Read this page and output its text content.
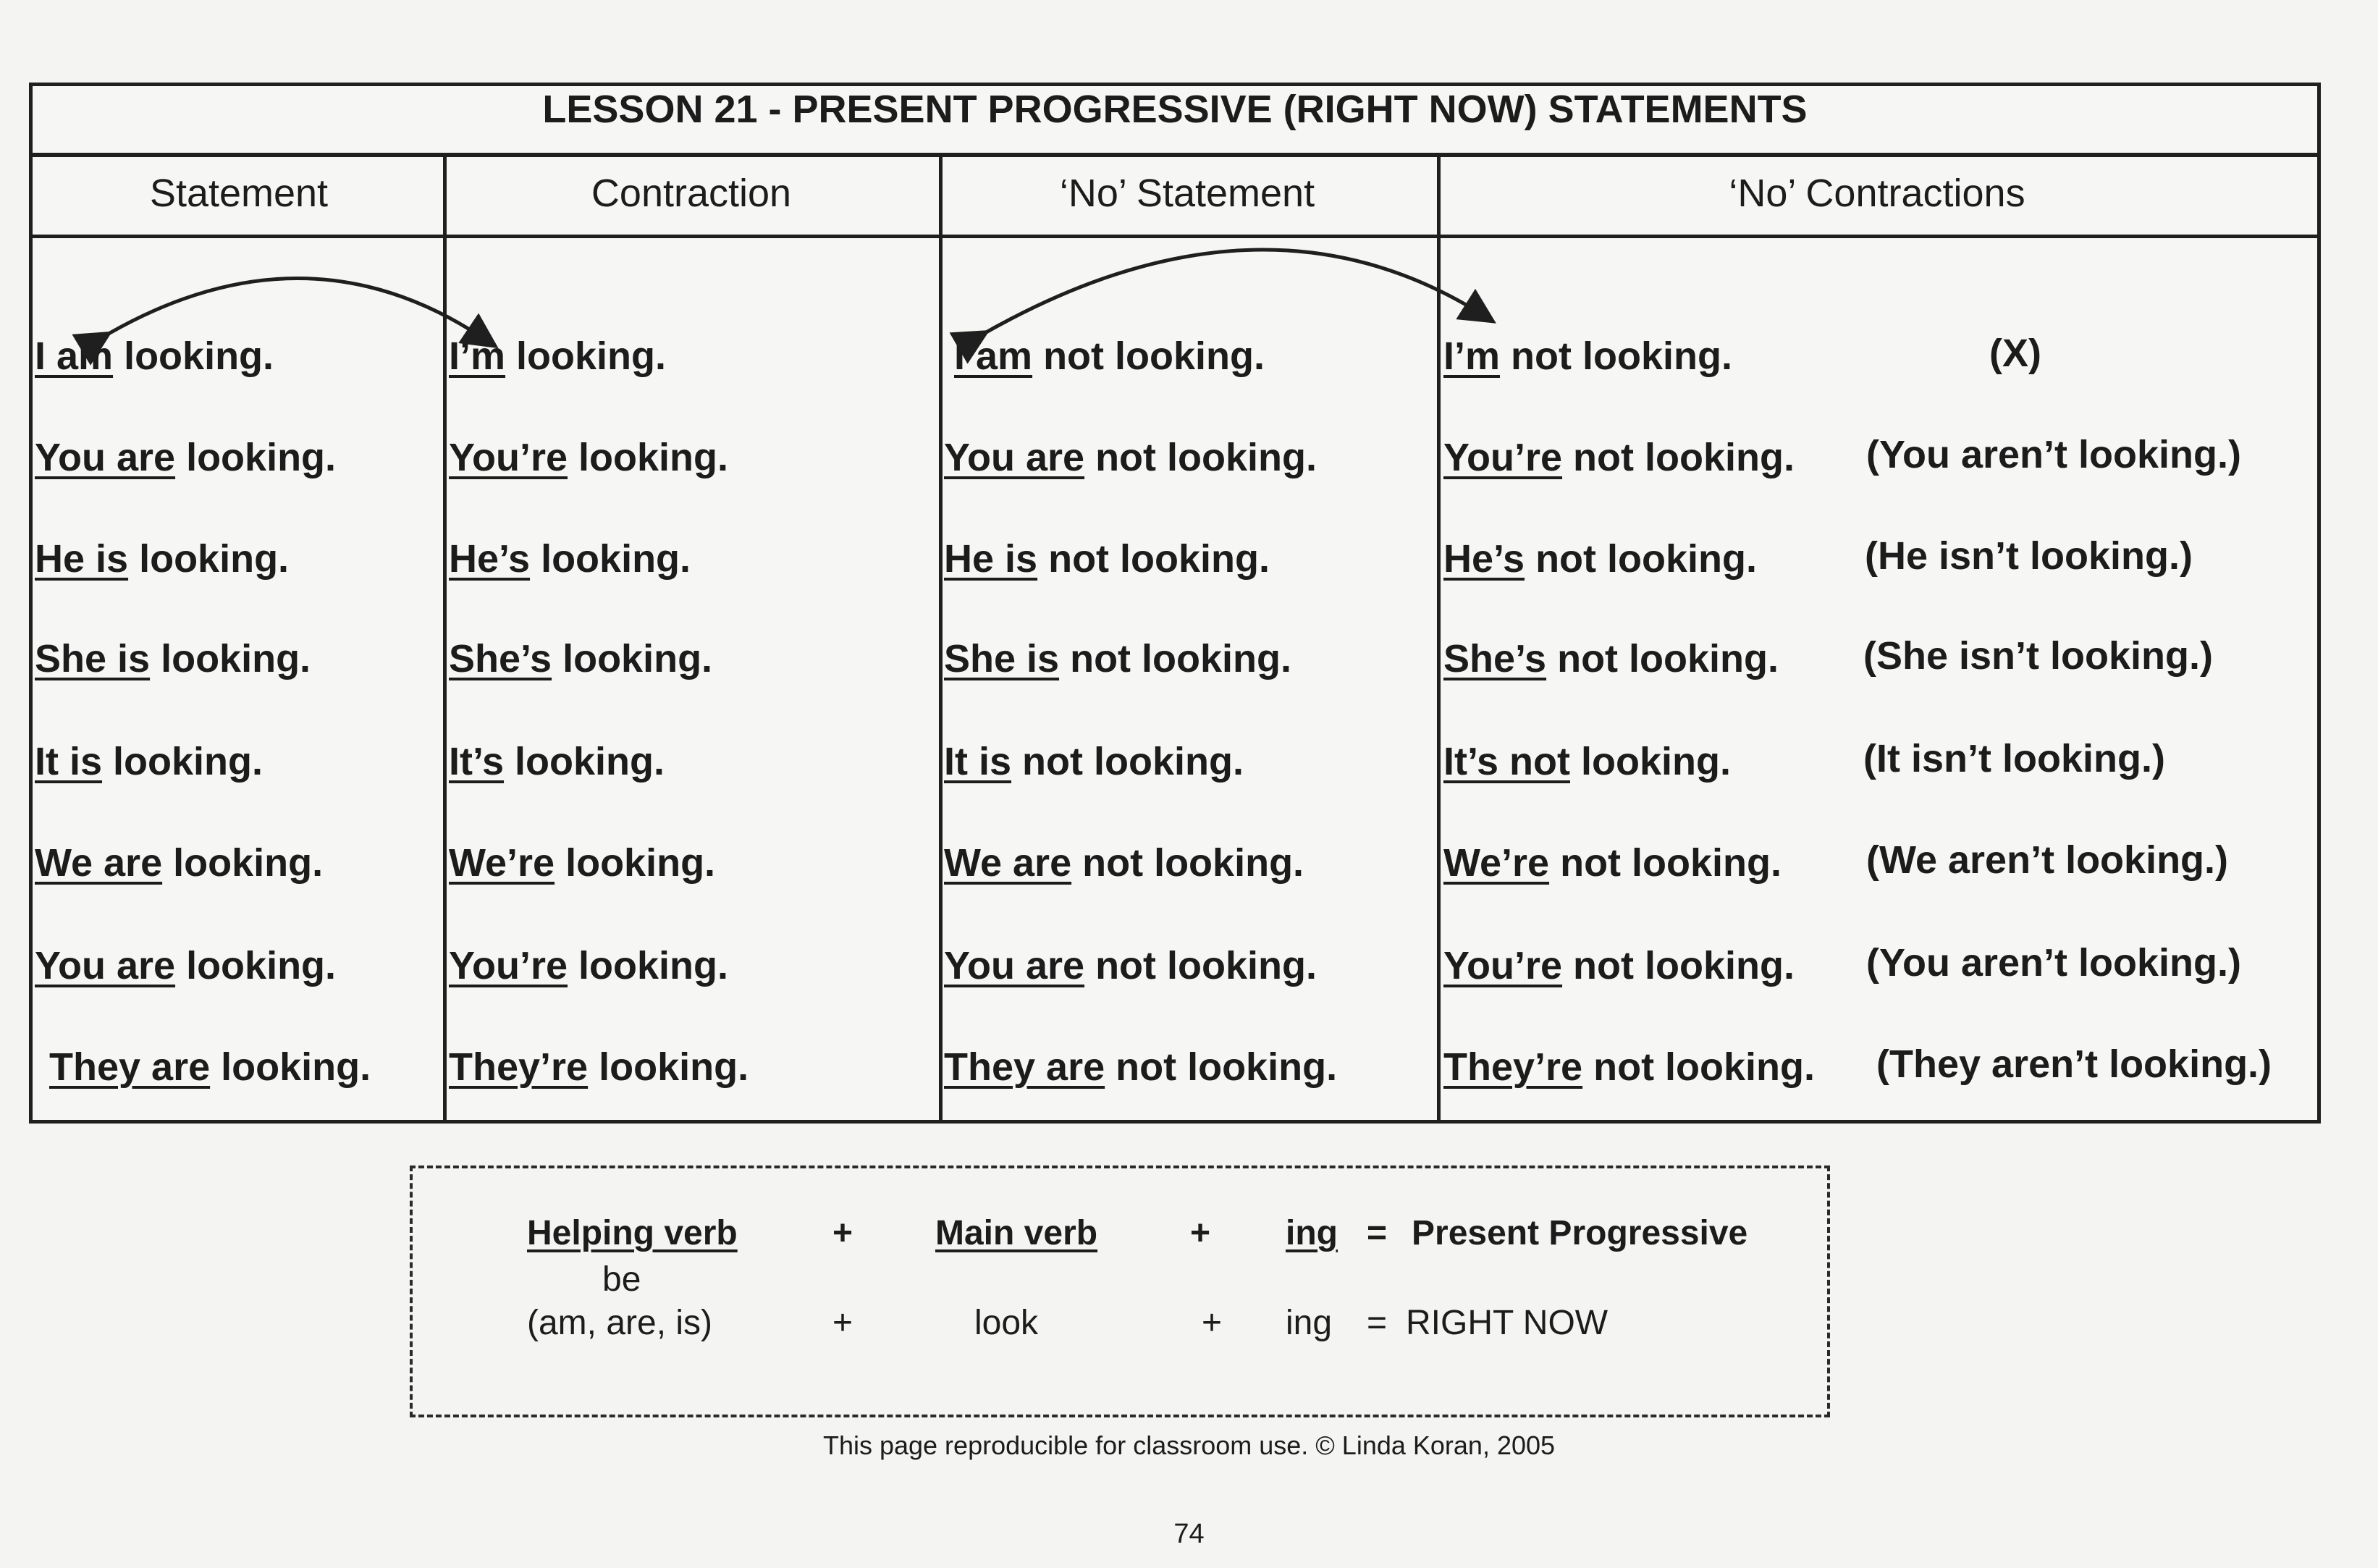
LESSON 21 - PRESENT PROGRESSIVE (RIGHT NOW) STATEMENTS
Statement	Contraction	‘No’ Statement	‘No’ Contractions
I am looking.	I’m looking.	I am not looking.	I’m not looking.	(X)
You are looking.	You’re looking.	You are not looking.	You’re not looking. (You aren’t looking.)
He is looking.	He’s looking.	He is not looking.	He’s not looking.	(He isn’t looking.)
She is looking.	She’s looking.	She is not looking.	She’s not looking. (She isn’t looking.)
It is looking.	It’s looking.	It is not looking.	It’s not looking.	(It isn’t looking.)
We are looking.	We’re looking.	We are not looking.	We’re not looking. (We aren’t looking.)
You are looking.	You’re looking.	You are not looking.	You’re not looking. (You aren’t looking.)
They are looking. They’re looking.	They are not looking.	They’re not looking. (They aren’t looking.)
Helping verb	+ Main verb	+ ing = Present Progressive
be
(am, are, is)	+	look	+ ing = RIGHT NOW
This page reproducible for classroom use. © Linda Koran, 2005
74
